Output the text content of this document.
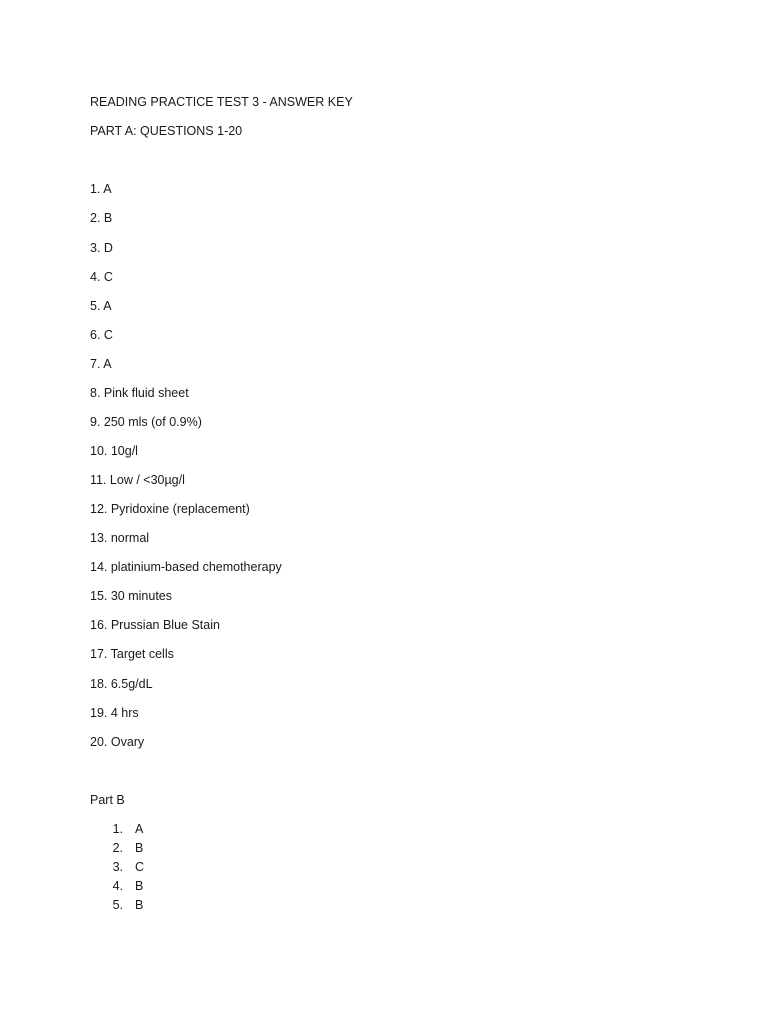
READING PRACTICE TEST 3 - ANSWER KEY
PART A: QUESTIONS 1-20
1. A
2. B
3. D
4. C
5. A
6. C
7. A
8. Pink fluid sheet
9. 250 mls (of 0.9%)
10. 10g/l
11. Low / <30µg/l
12. Pyridoxine (replacement)
13. normal
14. platinium-based chemotherapy
15. 30 minutes
16. Prussian Blue Stain
17. Target cells
18. 6.5g/dL
19. 4 hrs
20. Ovary
Part B
1. A
2. B
3. C
4. B
5. B
